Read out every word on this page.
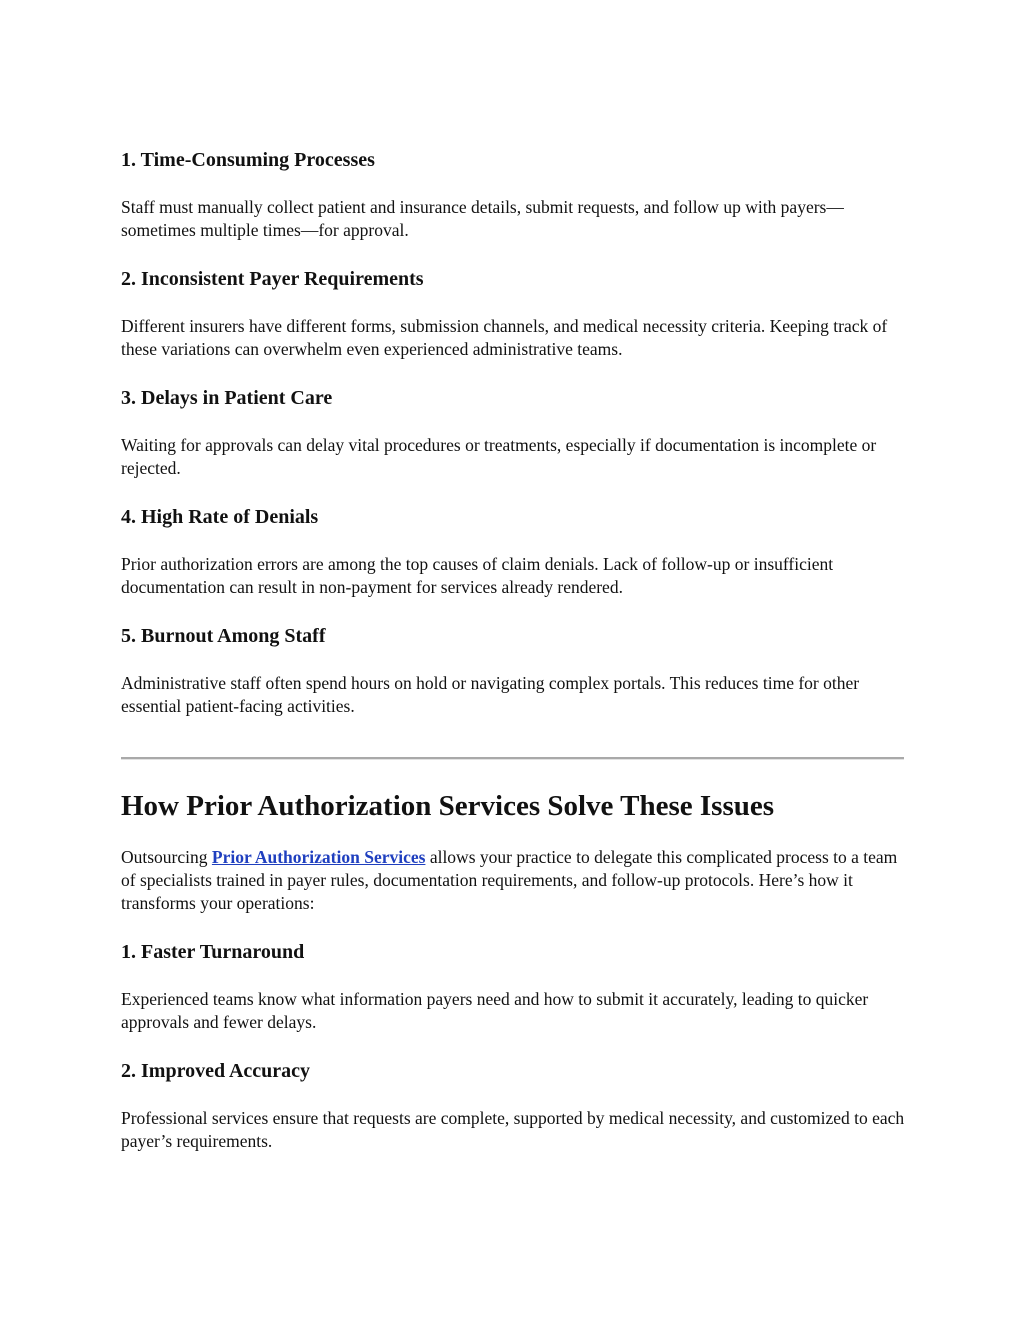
1. Time-Consuming Processes

Staff must manually collect patient and insurance details, submit requests, and follow up with payers—sometimes multiple times—for approval.

2. Inconsistent Payer Requirements

Different insurers have different forms, submission channels, and medical necessity criteria. Keeping track of these variations can overwhelm even experienced administrative teams.

3. Delays in Patient Care

Waiting for approvals can delay vital procedures or treatments, especially if documentation is incomplete or rejected.

4. High Rate of Denials

Prior authorization errors are among the top causes of claim denials. Lack of follow-up or insufficient documentation can result in non-payment for services already rendered.

5. Burnout Among Staff

Administrative staff often spend hours on hold or navigating complex portals. This reduces time for other essential patient-facing activities.

How Prior Authorization Services Solve These Issues

Outsourcing Prior Authorization Services allows your practice to delegate this complicated process to a team of specialists trained in payer rules, documentation requirements, and follow-up protocols. Here’s how it transforms your operations:

1. Faster Turnaround

Experienced teams know what information payers need and how to submit it accurately, leading to quicker approvals and fewer delays.

2. Improved Accuracy

Professional services ensure that requests are complete, supported by medical necessity, and customized to each payer’s requirements.
